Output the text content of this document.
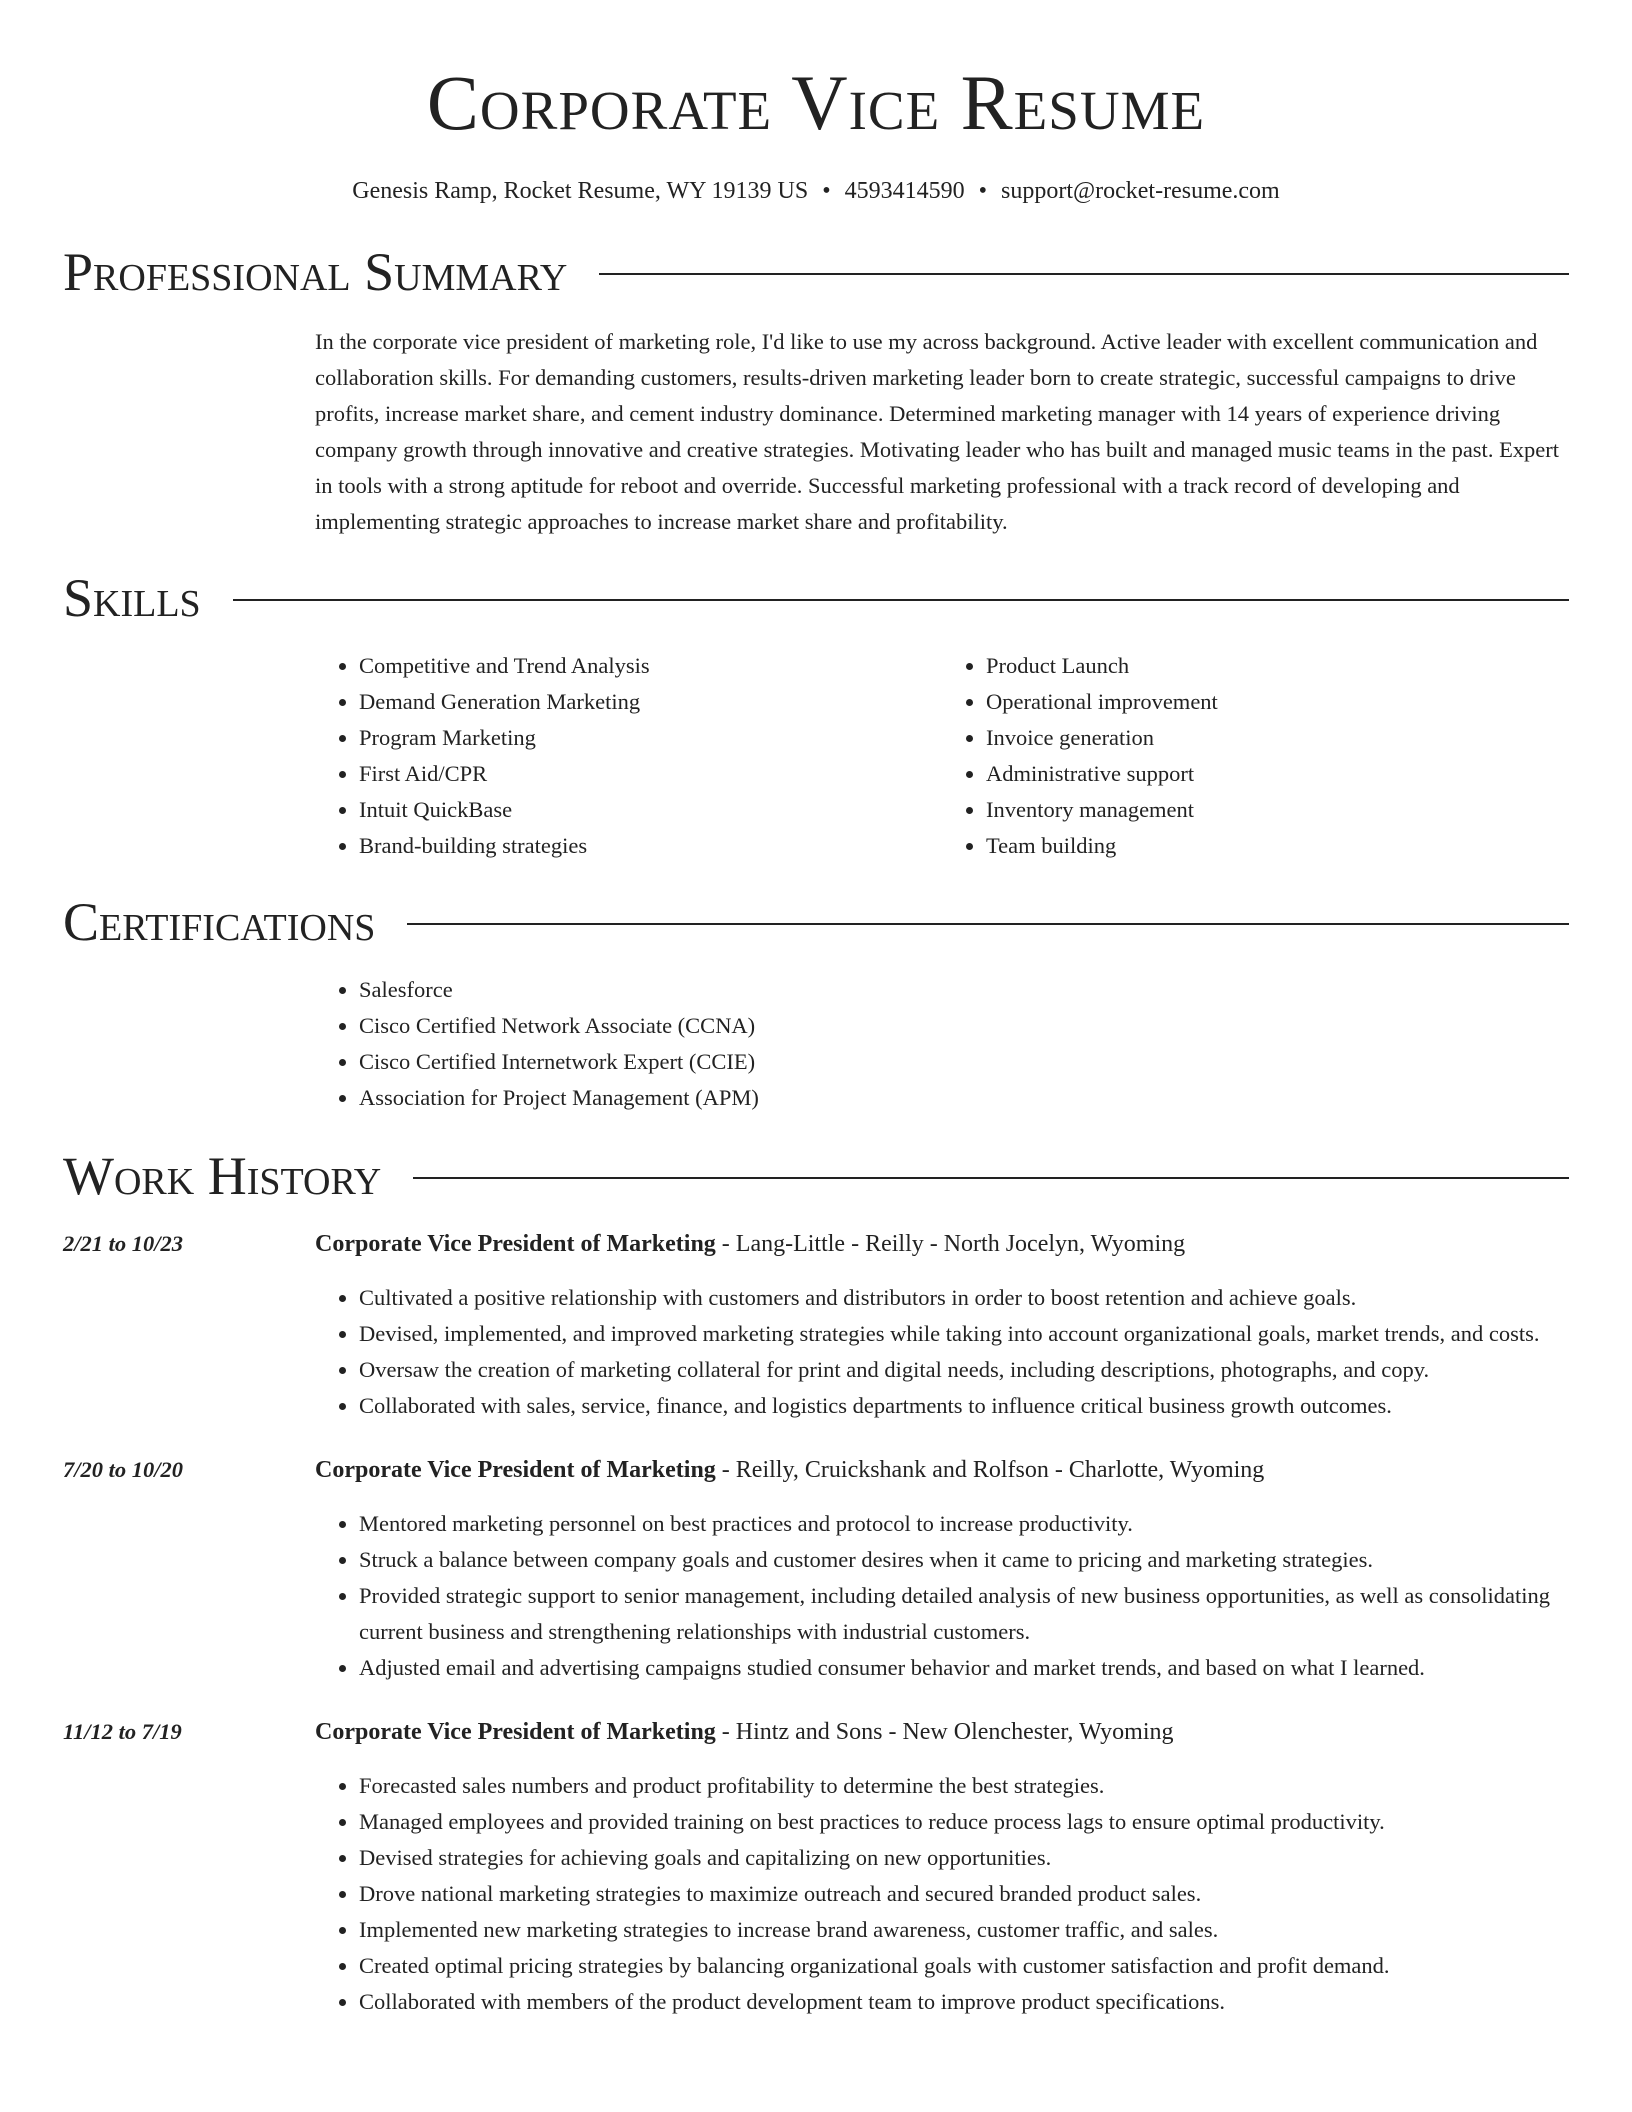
Corporate Vice Resume
Genesis Ramp, Rocket Resume, WY 19139 US • 4593414590 • support@rocket-resume.com
Professional Summary
In the corporate vice president of marketing role, I'd like to use my across background. Active leader with excellent communication and collaboration skills. For demanding customers, results-driven marketing leader born to create strategic, successful campaigns to drive profits, increase market share, and cement industry dominance. Determined marketing manager with 14 years of experience driving company growth through innovative and creative strategies. Motivating leader who has built and managed music teams in the past. Expert in tools with a strong aptitude for reboot and override. Successful marketing professional with a track record of developing and implementing strategic approaches to increase market share and profitability.
Skills
• Competitive and Trend Analysis
• Demand Generation Marketing
• Program Marketing
• First Aid/CPR
• Intuit QuickBase
• Brand-building strategies
• Product Launch
• Operational improvement
• Invoice generation
• Administrative support
• Inventory management
• Team building
Certifications
• Salesforce
• Cisco Certified Network Associate (CCNA)
• Cisco Certified Internetwork Expert (CCIE)
• Association for Project Management (APM)
Work History
2/21 to 10/23	Corporate Vice President of Marketing - Lang-Little - Reilly - North Jocelyn, Wyoming
• Cultivated a positive relationship with customers and distributors in order to boost retention and achieve goals.
• Devised, implemented, and improved marketing strategies while taking into account organizational goals, market trends, and costs.
• Oversaw the creation of marketing collateral for print and digital needs, including descriptions, photographs, and copy.
• Collaborated with sales, service, finance, and logistics departments to influence critical business growth outcomes.
7/20 to 10/20	Corporate Vice President of Marketing - Reilly, Cruickshank and Rolfson - Charlotte, Wyoming
• Mentored marketing personnel on best practices and protocol to increase productivity.
• Struck a balance between company goals and customer desires when it came to pricing and marketing strategies.
• Provided strategic support to senior management, including detailed analysis of new business opportunities, as well as consolidating current business and strengthening relationships with industrial customers.
• Adjusted email and advertising campaigns studied consumer behavior and market trends, and based on what I learned.
11/12 to 7/19	Corporate Vice President of Marketing - Hintz and Sons - New Olenchester, Wyoming
• Forecasted sales numbers and product profitability to determine the best strategies.
• Managed employees and provided training on best practices to reduce process lags to ensure optimal productivity.
• Devised strategies for achieving goals and capitalizing on new opportunities.
• Drove national marketing strategies to maximize outreach and secured branded product sales.
• Implemented new marketing strategies to increase brand awareness, customer traffic, and sales.
• Created optimal pricing strategies by balancing organizational goals with customer satisfaction and profit demand.
• Collaborated with members of the product development team to improve product specifications.
